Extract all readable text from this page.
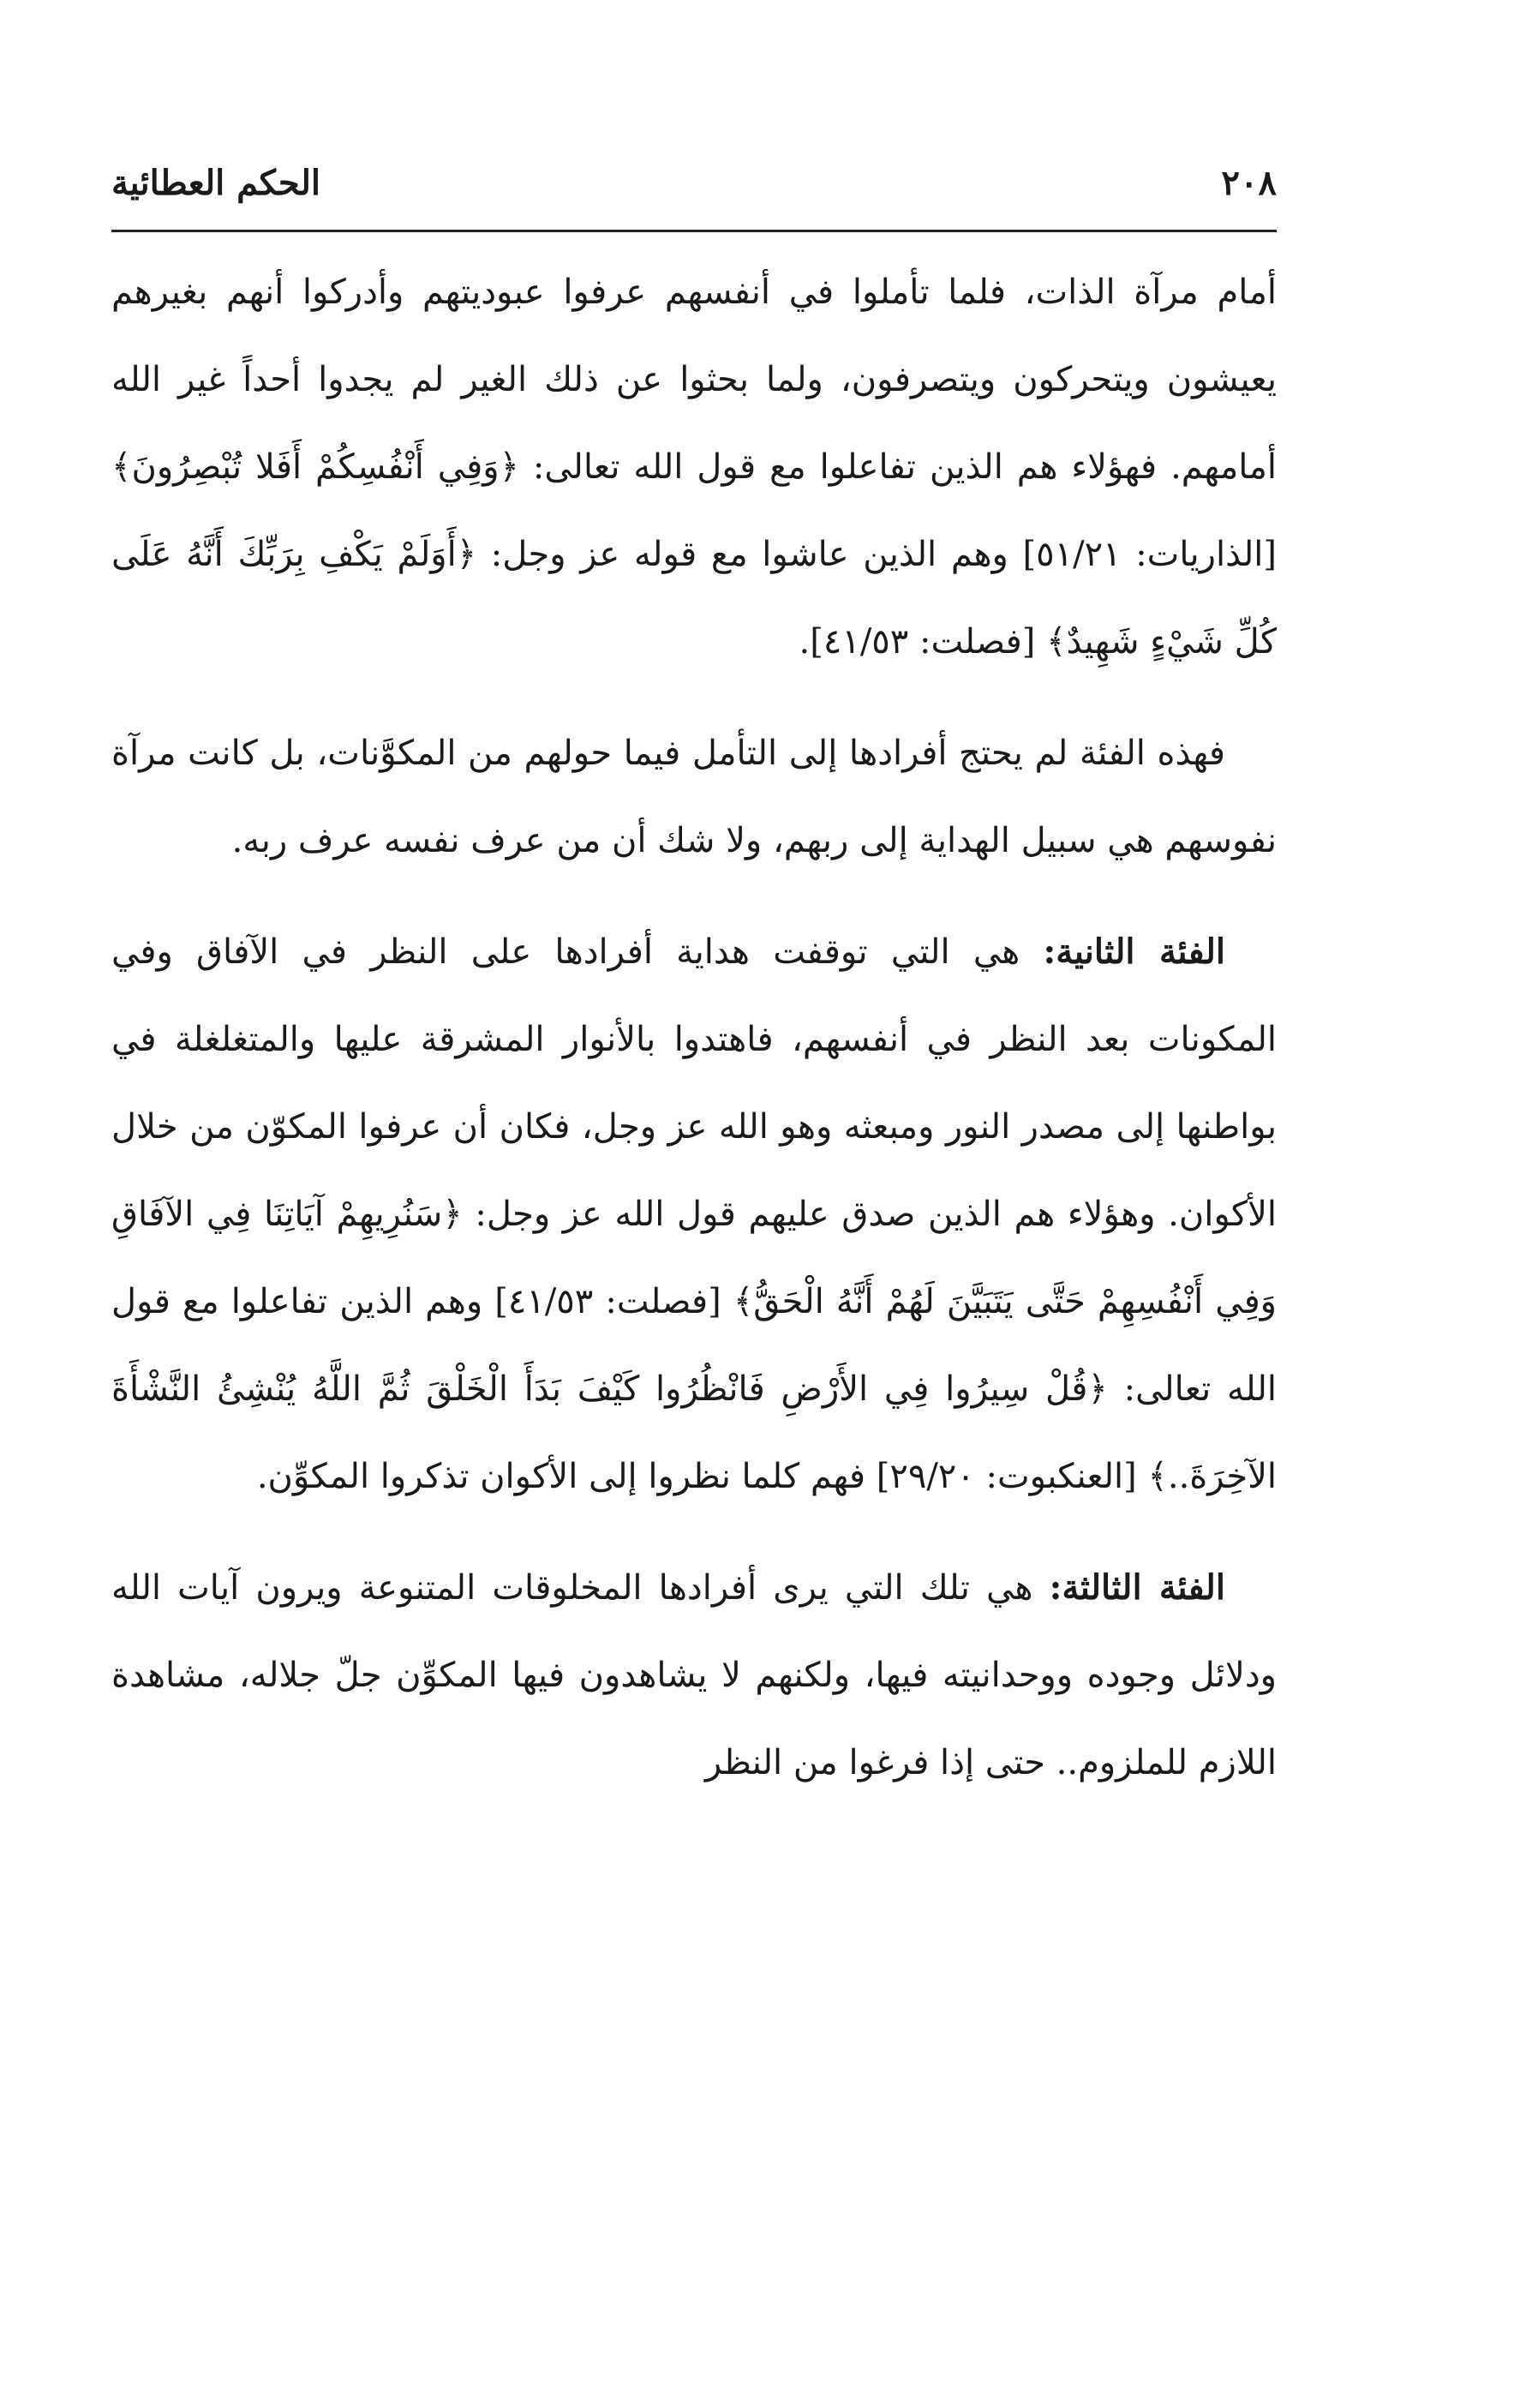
٢٠٨
الحكم العطائية

أمام مرآة الذات، فلما تأملوا في أنفسهم عرفوا عبوديتهم وأدركوا أنهم بغيرهم يعيشون ويتحركون ويتصرفون، ولما بحثوا عن ذلك الغير لم يجدوا أحداً غير الله أمامهم. فهؤلاء هم الذين تفاعلوا مع قول الله تعالى: ﴿وَفِي أَنْفُسِكُمْ أَفَلا تُبْصِرُونَ﴾ [الذاريات: ٥١/٢١] وهم الذين عاشوا مع قوله عز وجل: ﴿أَوَلَمْ يَكْفِ بِرَبِّكَ أَنَّهُ عَلَى كُلِّ شَيْءٍ شَهِيدٌ﴾ [فصلت: ٤١/٥٣].

فهذه الفئة لم يحتج أفرادها إلى التأمل فيما حولهم من المكوَّنات، بل كانت مرآة نفوسهم هي سبيل الهداية إلى ربهم، ولا شك أن من عرف نفسه عرف ربه.

الفئة الثانية: هي التي توقفت هداية أفرادها على النظر في الآفاق وفي المكونات بعد النظر في أنفسهم، فاهتدوا بالأنوار المشرقة عليها والمتغلغلة في بواطنها إلى مصدر النور ومبعثه وهو الله عز وجل، فكان أن عرفوا المكوّن من خلال الأكوان. وهؤلاء هم الذين صدق عليهم قول الله عز وجل: ﴿سَنُرِيهِمْ آيَاتِنَا فِي الآفَاقِ وَفِي أَنْفُسِهِمْ حَتَّى يَتَبَيَّنَ لَهُمْ أَنَّهُ الْحَقُّ﴾ [فصلت: ٤١/٥٣] وهم الذين تفاعلوا مع قول الله تعالى: ﴿قُلْ سِيرُوا فِي الأَرْضِ فَانْظُرُوا كَيْفَ بَدَأَ الْخَلْقَ ثُمَّ اللَّهُ يُنْشِئُ النَّشْأَةَ الآخِرَةَ..﴾ [العنكبوت: ٢٩/٢٠] فهم كلما نظروا إلى الأكوان تذكروا المكوِّن.

الفئة الثالثة: هي تلك التي يرى أفرادها المخلوقات المتنوعة ويرون آيات الله ودلائل وجوده ووحدانيته فيها، ولكنهم لا يشاهدون فيها المكوِّن جلّ جلاله، مشاهدة اللازم للملزوم.. حتى إذا فرغوا من النظر
